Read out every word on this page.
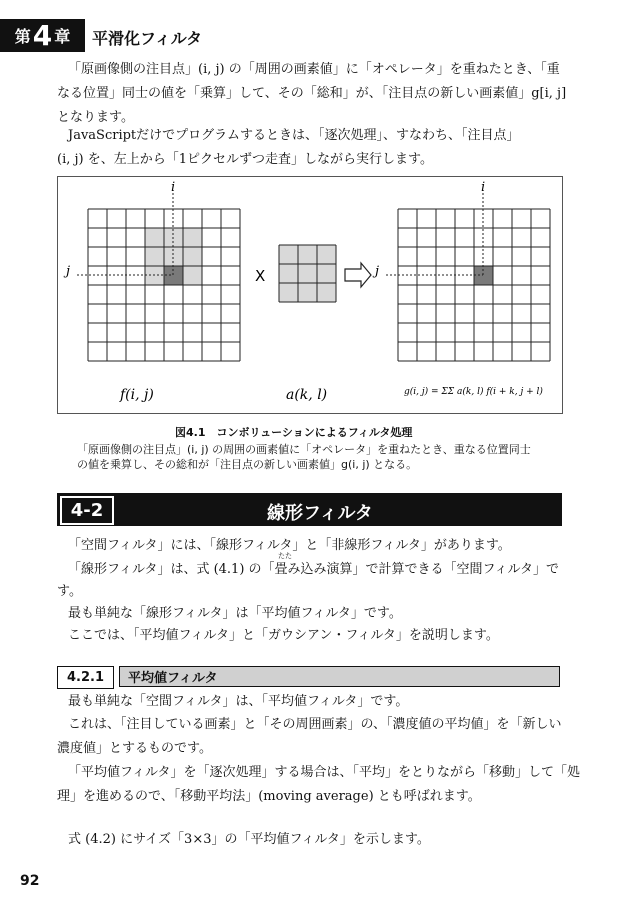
第 4 章 平滑化フィルタ
「原画像側の注目点」(i, j) の「周囲の画素値」に「オペレータ」を重ねたとき、「重
なる位置」同士の値を「乗算」して、その「総和」が、「注目点の新しい画素値」g[i, j]
となります。
JavaScriptだけでプログラムするときは、「逐次処理」、すなわち、「注目点」
(i, j) を、左上から「1ピクセルずつ走査」しながら実行します。
i
j
i
j
X
f(i, j)	a(k, l)	g(i, j) = ΣΣ a(k, l) f(i + k, j + l)
図4.1　コンボリューションによるフィルタ処理
「原画像側の注目点」(i, j) の周囲の画素値に「オペレータ」を重ねたとき、重なる位置同士
の値を乗算し、その総和が「注目点の新しい画素値」g(i, j) となる。
4-2	線形フィルタ
「空間フィルタ」には、「線形フィルタ」と「非線形フィルタ」があります。
「線形フィルタ」は、式 (4.1) の「畳み込み演算」で計算できる「空間フィルタ」で
たた
す。
最も単純な「線形フィルタ」は「平均値フィルタ」です。
ここでは、「平均値フィルタ」と「ガウシアン・フィルタ」を説明します。
4.2.1	平均値フィルタ
最も単純な「空間フィルタ」は、「平均値フィルタ」です。
これは、「注目している画素」と「その周囲画素」の、「濃度値の平均値」を「新しい
濃度値」とするものです。
「平均値フィルタ」を「逐次処理」する場合は、「平均」をとりながら「移動」して「処
理」を進めるので、「移動平均法」(moving average) とも呼ばれます。
式 (4.2) にサイズ「3×3」の「平均値フィルタ」を示します。
92
